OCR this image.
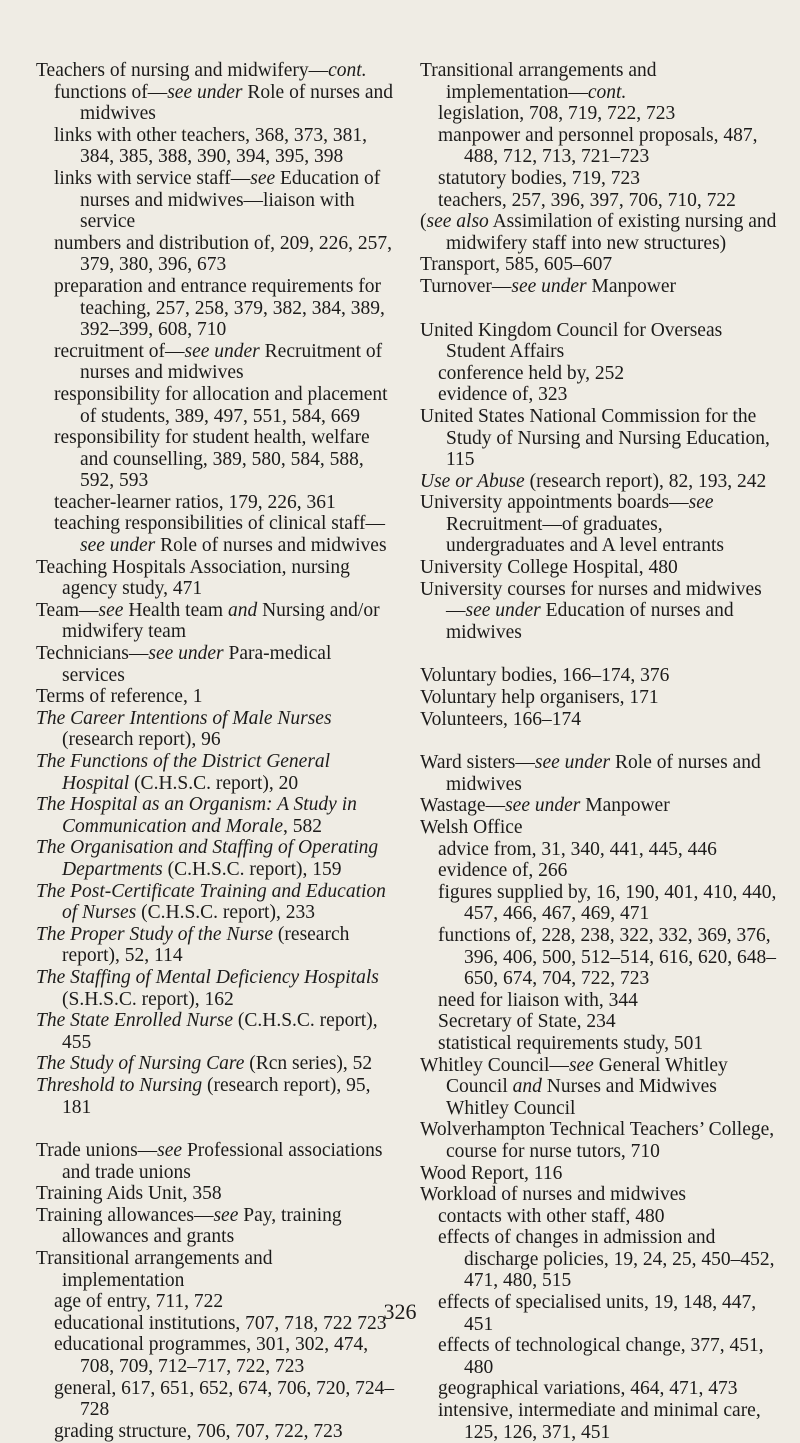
Teachers of nursing and midwifery—cont.

functions of—see under Role of nurses and midwives

links with other teachers, 368, 373, 381, 384, 385, 388, 390, 394, 395, 398

links with service staff—see Education of nurses and midwives—liaison with service

numbers and distribution of, 209, 226, 257, 379, 380, 396, 673

preparation and entrance requirements for teaching, 257, 258, 379, 382, 384, 389, 392–399, 608, 710

recruitment of—see under Recruitment of nurses and midwives

responsibility for allocation and placement of students, 389, 497, 551, 584, 669

responsibility for student health, welfare and counselling, 389, 580, 584, 588, 592, 593

teacher-learner ratios, 179, 226, 361

teaching responsibilities of clinical staff—see under Role of nurses and midwives

Teaching Hospitals Association, nursing agency study, 471

Team—see Health team and Nursing and/or midwifery team

Technicians—see under Para-medical services

Terms of reference, 1

The Career Intentions of Male Nurses (research report), 96

The Functions of the District General Hospital (C.H.S.C. report), 20

The Hospital as an Organism: A Study in Communication and Morale, 582

The Organisation and Staffing of Operating Departments (C.H.S.C. report), 159

The Post-Certificate Training and Education of Nurses (C.H.S.C. report), 233

The Proper Study of the Nurse (research report), 52, 114

The Staffing of Mental Deficiency Hospitals (S.H.S.C. report), 162

The State Enrolled Nurse (C.H.S.C. report), 455

The Study of Nursing Care (Rcn series), 52

Threshold to Nursing (research report), 95, 181

Trade unions—see Professional associations and trade unions

Training Aids Unit, 358

Training allowances—see Pay, training allowances and grants

Transitional arrangements and implementation

age of entry, 711, 722

educational institutions, 707, 718, 722 723

educational programmes, 301, 302, 474, 708, 709, 712–717, 722, 723

general, 617, 651, 652, 674, 706, 720, 724–728

grading structure, 706, 707, 722, 723

Transitional arrangements and implementation—cont.

legislation, 708, 719, 722, 723

manpower and personnel proposals, 487, 488, 712, 713, 721–723

statutory bodies, 719, 723

teachers, 257, 396, 397, 706, 710, 722

(see also Assimilation of existing nursing and midwifery staff into new structures)

Transport, 585, 605–607

Turnover—see under Manpower

United Kingdom Council for Overseas Student Affairs

conference held by, 252

evidence of, 323

United States National Commission for the Study of Nursing and Nursing Education, 115

Use or Abuse (research report), 82, 193, 242

University appointments boards—see Recruitment—of graduates, undergraduates and A level entrants

University College Hospital, 480

University courses for nurses and midwives —see under Education of nurses and midwives

Voluntary bodies, 166–174, 376

Voluntary help organisers, 171

Volunteers, 166–174

Ward sisters—see under Role of nurses and midwives

Wastage—see under Manpower

Welsh Office

advice from, 31, 340, 441, 445, 446

evidence of, 266

figures supplied by, 16, 190, 401, 410, 440, 457, 466, 467, 469, 471

functions of, 228, 238, 322, 332, 369, 376, 396, 406, 500, 512–514, 616, 620, 648–650, 674, 704, 722, 723

need for liaison with, 344

Secretary of State, 234

statistical requirements study, 501

Whitley Council—see General Whitley Council and Nurses and Midwives Whitley Council

Wolverhampton Technical Teachers’ College, course for nurse tutors, 710

Wood Report, 116

Workload of nurses and midwives

contacts with other staff, 480

effects of changes in admission and discharge policies, 19, 24, 25, 450–452, 471, 480, 515

effects of specialised units, 19, 148, 447, 451

effects of technological change, 377, 451, 480

geographical variations, 464, 471, 473

intensive, intermediate and minimal care, 125, 126, 371, 451

326
